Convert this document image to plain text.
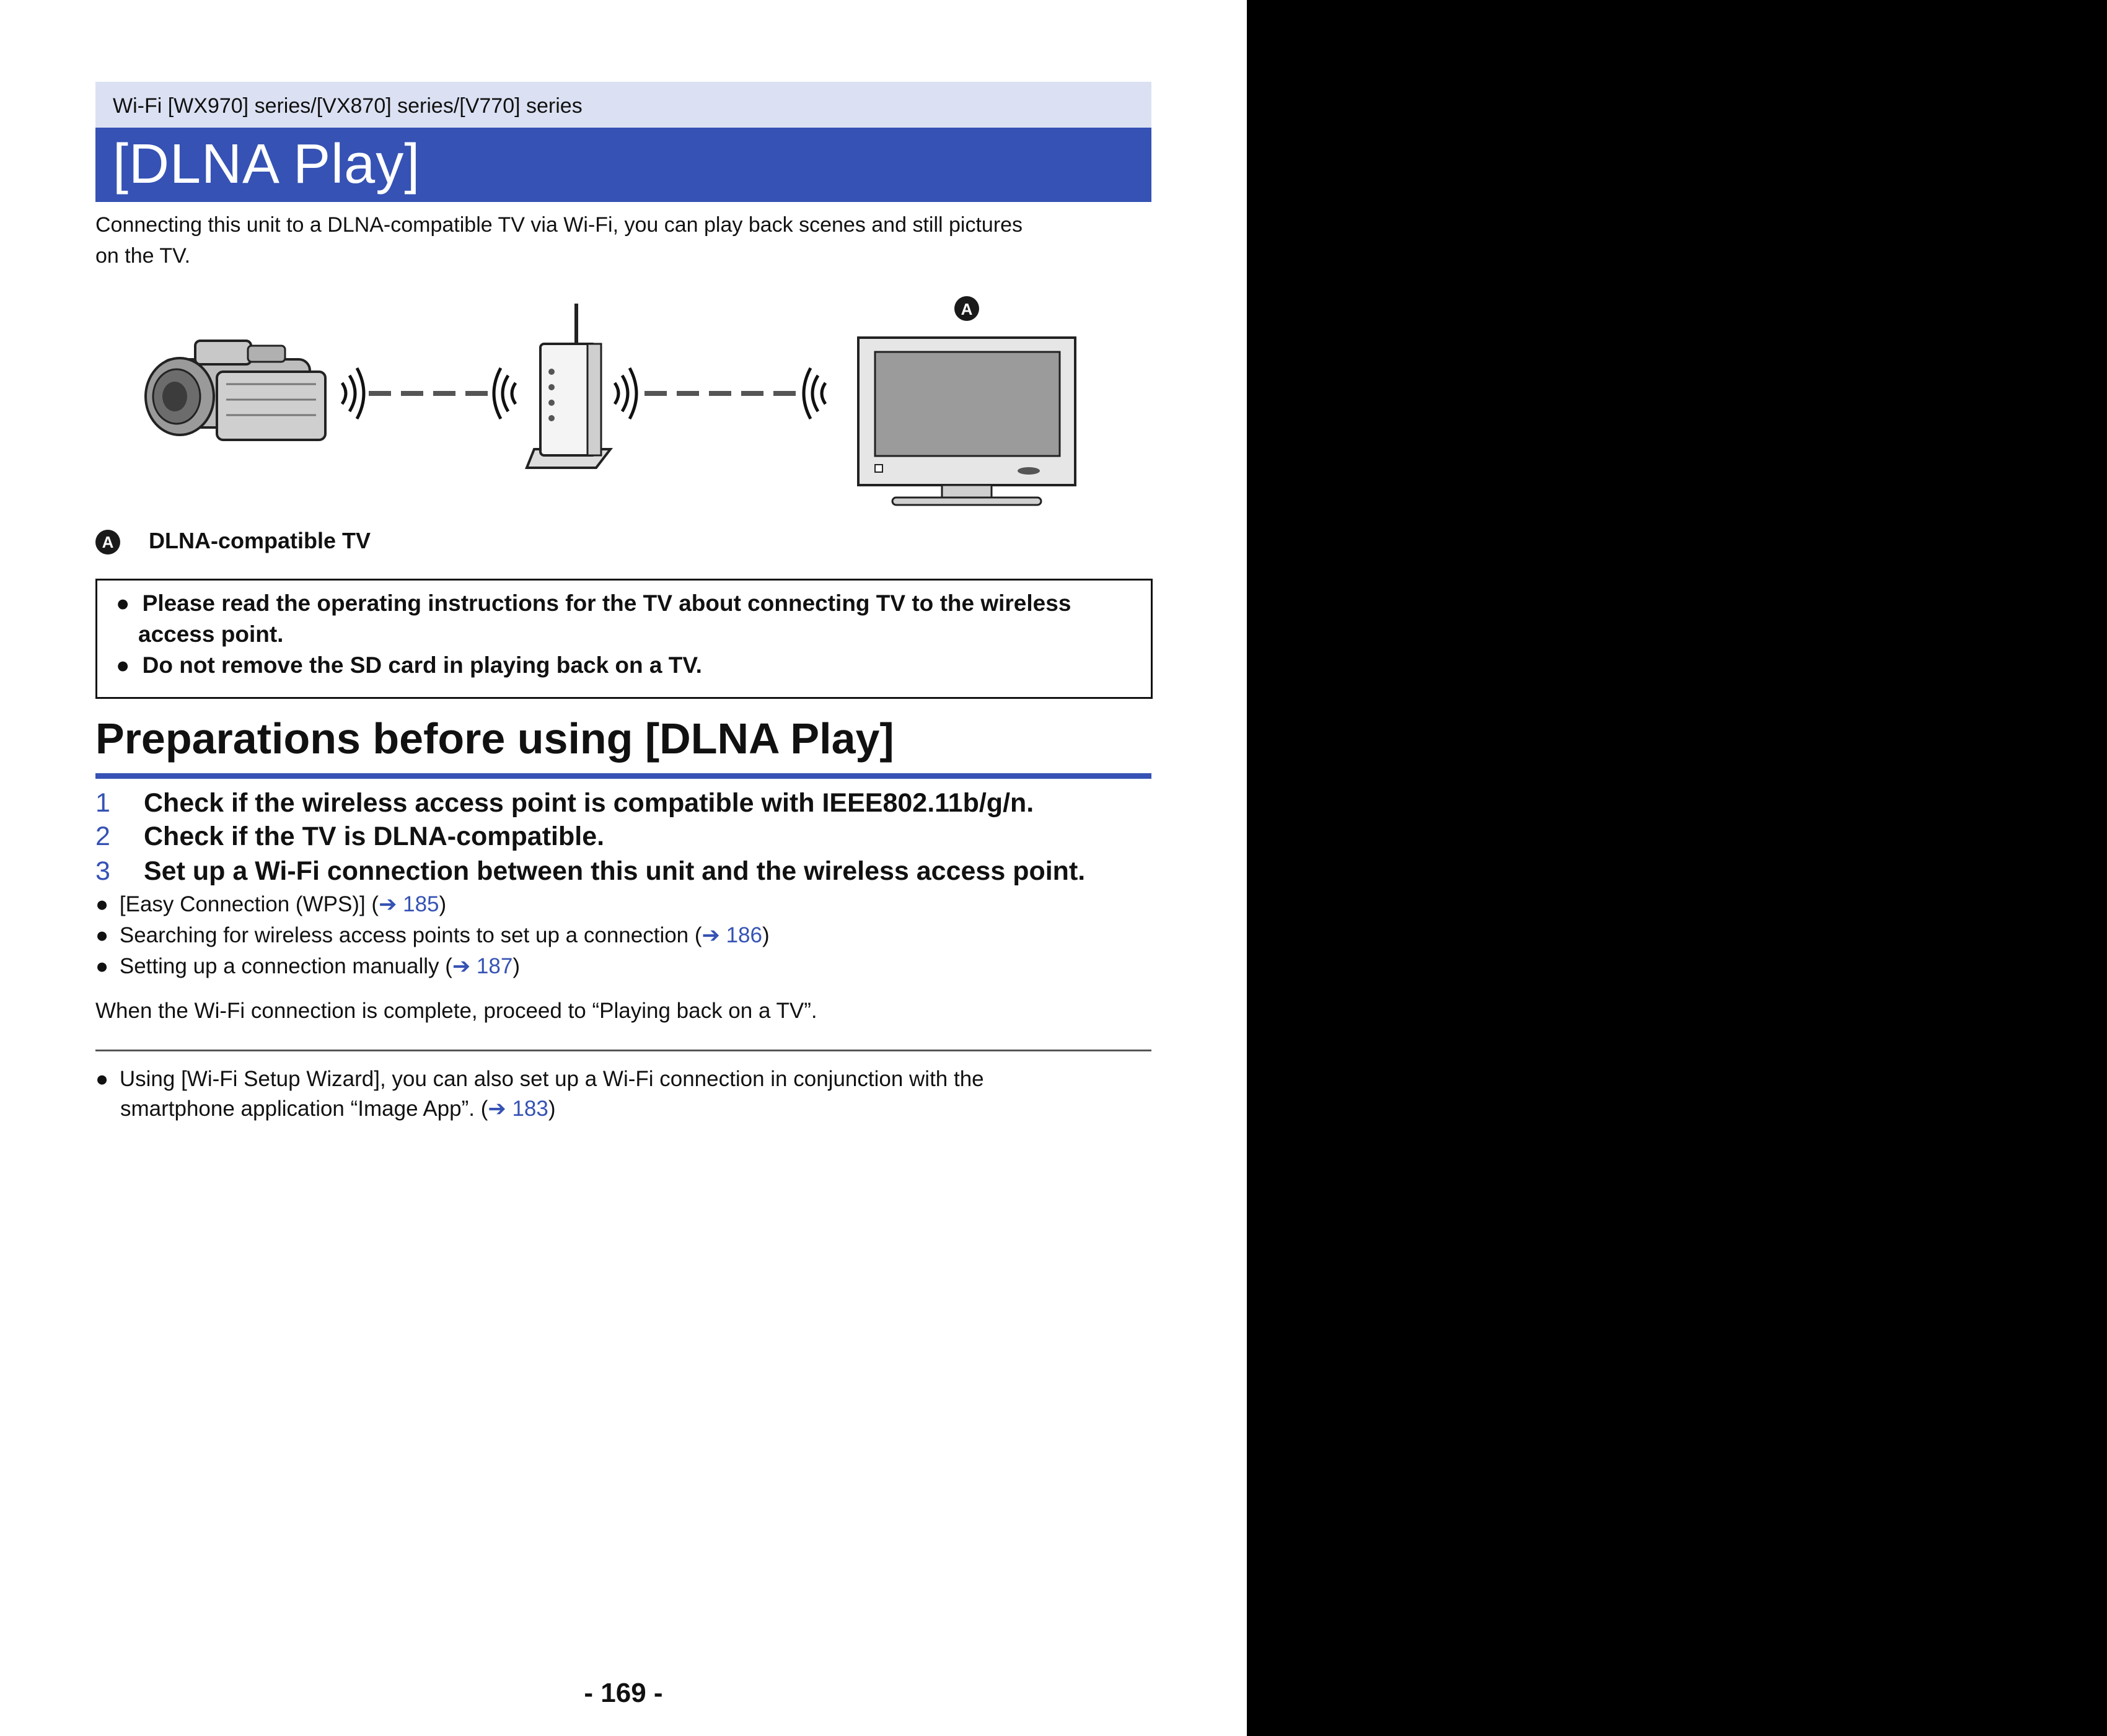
Wi-Fi [WX970] series/[VX870] series/[V770] series
[DLNA Play]
Connecting this unit to a DLNA-compatible TV via Wi-Fi, you can play back scenes and still pictures
on the TV.
A
A DLNA-compatible TV
● Please read the operating instructions for the TV about connecting TV to the wireless
access point.
● Do not remove the SD card in playing back on a TV.
Preparations before using [DLNA Play]
1 Check if the wireless access point is compatible with IEEE802.11b/g/n.
2 Check if the TV is DLNA-compatible.
3 Set up a Wi-Fi connection between this unit and the wireless access point.
● [Easy Connection (WPS)] (➔ 185)
● Searching for wireless access points to set up a connection (➔ 186)
● Setting up a connection manually (➔ 187)
When the Wi-Fi connection is complete, proceed to “Playing back on a TV”.
● Using [Wi-Fi Setup Wizard], you can also set up a Wi-Fi connection in conjunction with the
smartphone application “Image App”. (➔ 183)
- 169 -
